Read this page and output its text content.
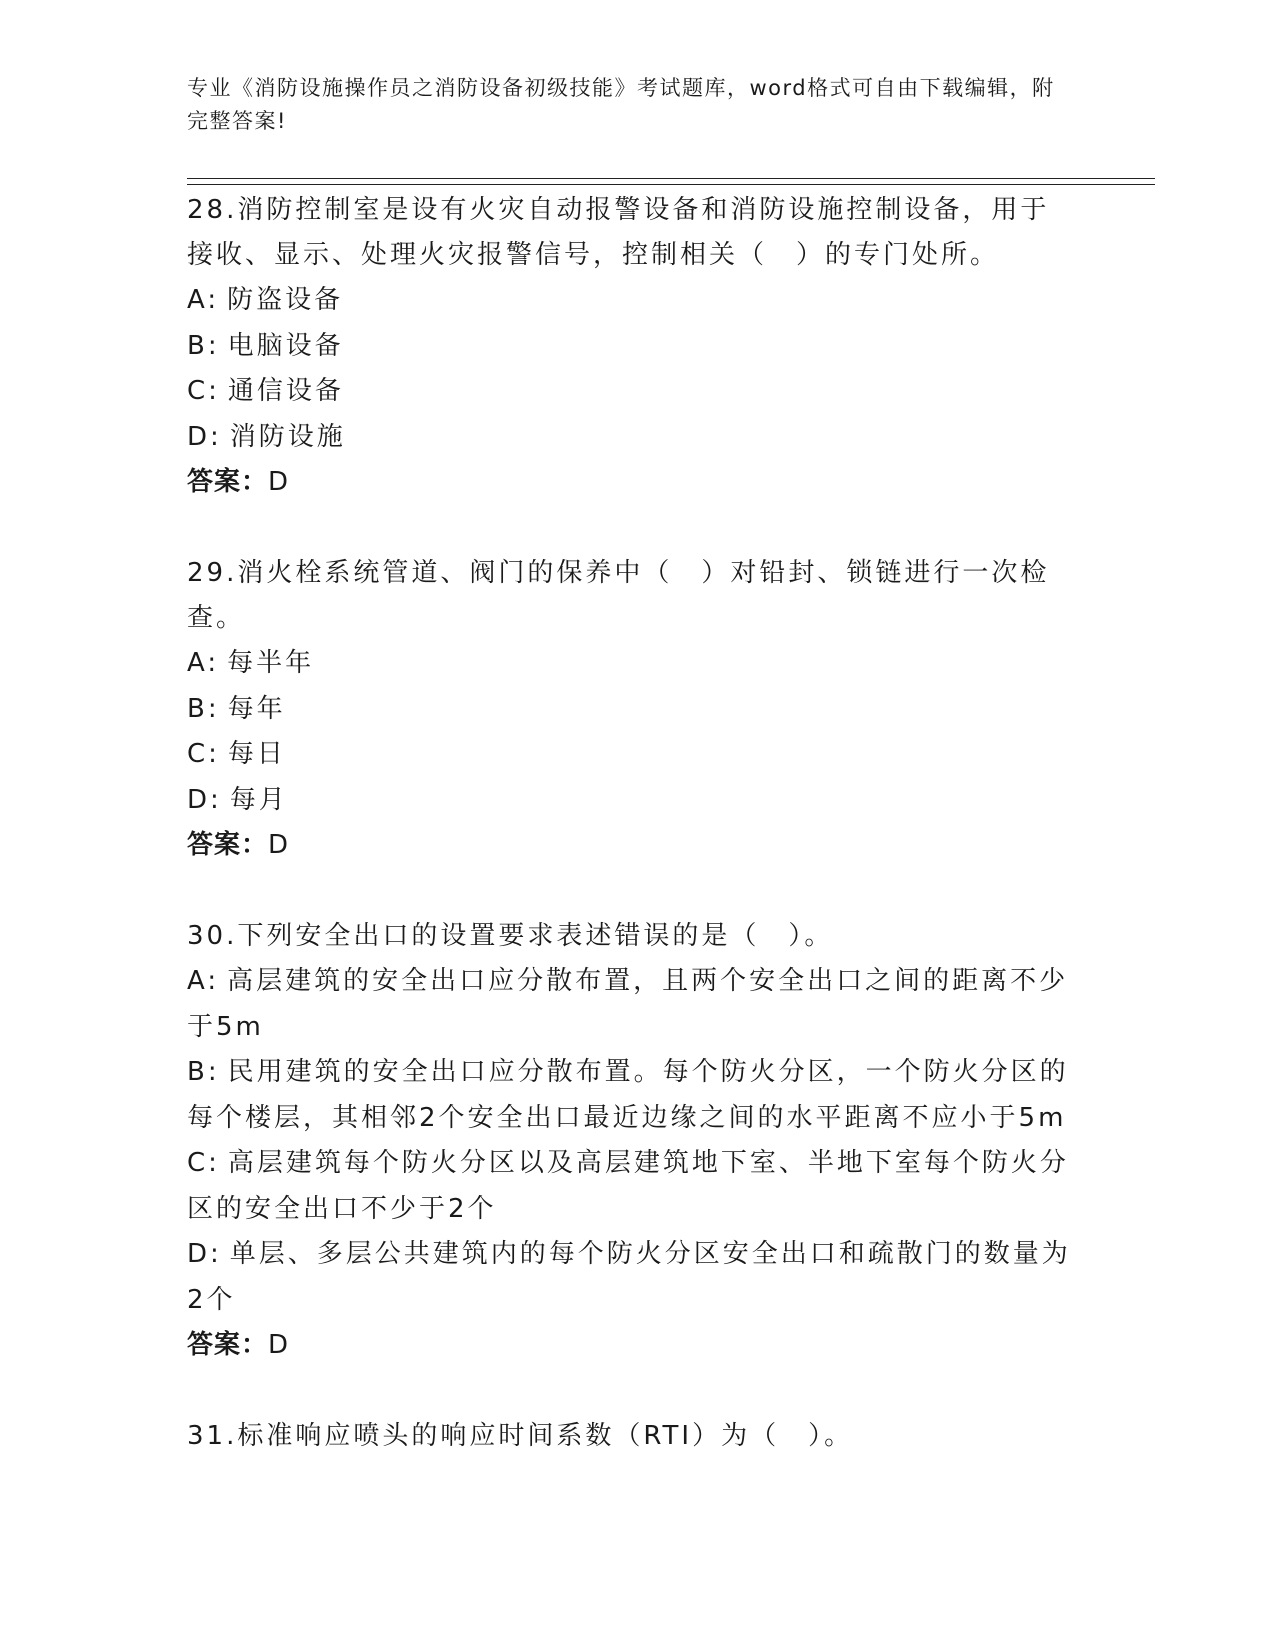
专业《消防设施操作员之消防设备初级技能》考试题库，word格式可自由下载编辑，附完整答案!

28.消防控制室是设有火灾自动报警设备和消防设施控制设备，用于接收、显示、处理火灾报警信号，控制相关（　）的专门处所。

A: 防盗设备

B: 电脑设备

C: 通信设备

D: 消防设施

答案：D

29.消火栓系统管道、阀门的保养中（　）对铅封、锁链进行一次检查。

A: 每半年

B: 每年

C: 每日

D: 每月

答案：D

30.下列安全出口的设置要求表述错误的是（　）。

A: 高层建筑的安全出口应分散布置，且两个安全出口之间的距离不少于5m

B: 民用建筑的安全出口应分散布置。每个防火分区，一个防火分区的每个楼层，其相邻2个安全出口最近边缘之间的水平距离不应小于5m

C: 高层建筑每个防火分区以及高层建筑地下室、半地下室每个防火分区的安全出口不少于2个

D: 单层、多层公共建筑内的每个防火分区安全出口和疏散门的数量为2个

答案：D

31.标准响应喷头的响应时间系数（RTI）为（　）。
